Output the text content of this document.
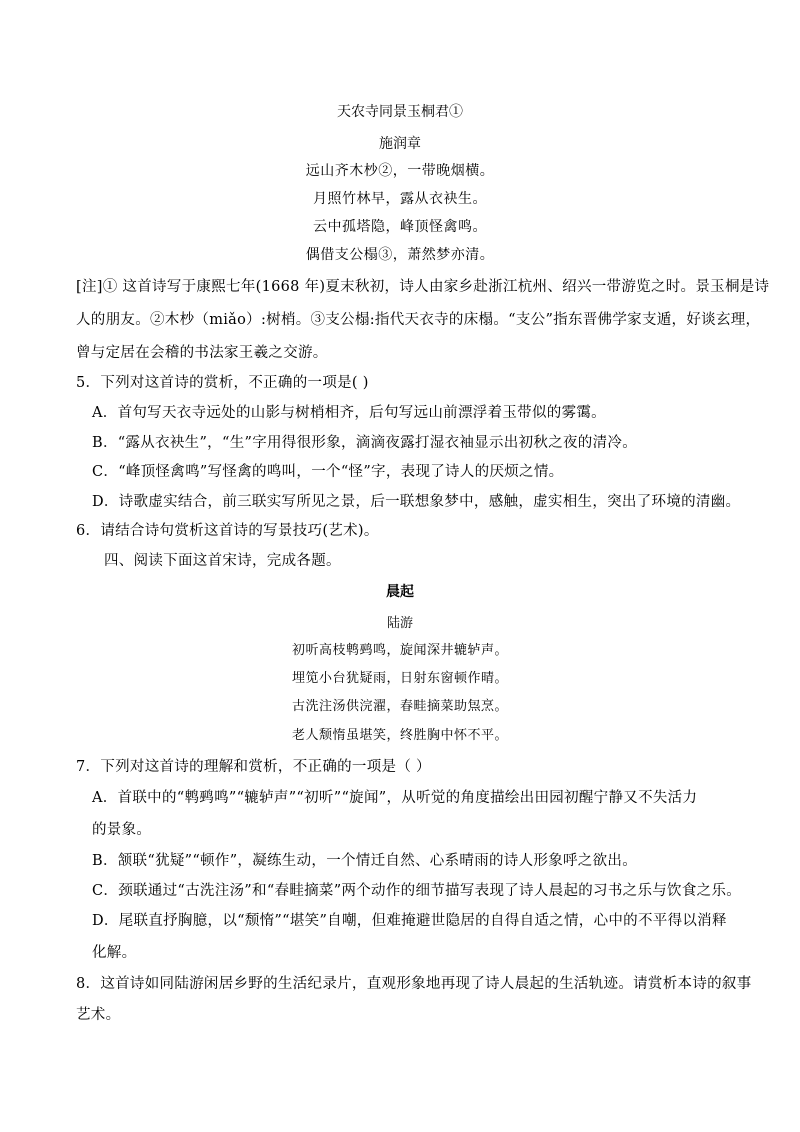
天农寺同景玉桐君①
施润章
远山齐木杪②，一带晚烟横。
月照竹林早，露从衣袂生。
云中孤塔隐，峰顶怪禽鸣。
偶借支公榻③，萧然梦亦清。
[注]① 这首诗写于康熙七年(1668 年)夏末秋初，诗人由家乡赴浙江杭州、绍兴一带游览之时。景玉桐是诗
人的朋友。②木杪（miǎo）:树梢。③支公榻:指代天衣寺的床榻。“支公”指东晋佛学家支遁，好谈玄理，
曾与定居在会稽的书法家王羲之交游。
5．下列对这首诗的赏析，不正确的一项是( )
A．首句写天衣寺远处的山影与树梢相齐，后句写远山前漂浮着玉带似的雾霭。
B．“露从衣袂生”，“生”字用得很形象，滴滴夜露打湿衣袖显示出初秋之夜的清冷。
C．“峰顶怪禽鸣”写怪禽的鸣叫，一个“怪”字，表现了诗人的厌烦之情。
D．诗歌虚实结合，前三联实写所见之景，后一联想象梦中，感触，虚实相生，突出了环境的清幽。
6．请结合诗句赏析这首诗的写景技巧(艺术)。
四、阅读下面这首宋诗，完成各题。
晨起
陆游
初听高枝鹎鹀鸣，旋闻深井辘轳声。
埋笕小台犹疑雨，日射东窗顿作晴。
古洗注汤供浣濯，春畦摘菜助炰烹。
老人颓惰虽堪笑，终胜胸中怀不平。
7．下列对这首诗的理解和赏析，不正确的一项是（ ）
A．首联中的“鹎鹀鸣”“辘轳声”“初听”“旋闻”，从听觉的角度描绘出田园初醒宁静又不失活力
的景象。
B．颔联“犹疑”“顿作”，凝练生动，一个情迁自然、心系晴雨的诗人形象呼之欲出。
C．颈联通过“古洗注汤”和“春畦摘菜”两个动作的细节描写表现了诗人晨起的习书之乐与饮食之乐。
D．尾联直抒胸臆，以“颓惰”“堪笑”自嘲，但难掩避世隐居的自得自适之情，心中的不平得以消释
化解。
8．这首诗如同陆游闲居乡野的生活纪录片，直观形象地再现了诗人晨起的生活轨迹。请赏析本诗的叙事
艺术。
